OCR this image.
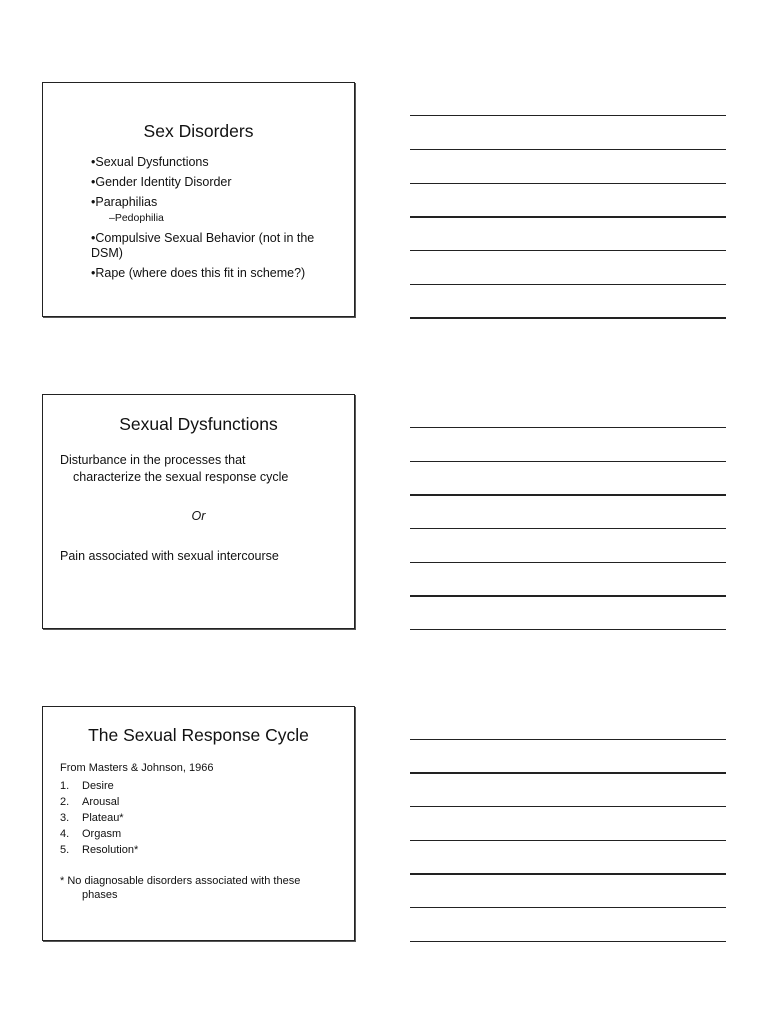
Sex Disorders
•Sexual Dysfunctions
•Gender Identity Disorder
•Paraphilias
–Pedophilia
•Compulsive Sexual Behavior (not in the DSM)
•Rape (where does this fit in scheme?)
Sexual Dysfunctions
Disturbance in the processes that
characterize the sexual response cycle
Or
Pain associated with sexual intercourse
The Sexual Response Cycle
From Masters & Johnson, 1966
1. Desire
2. Arousal
3. Plateau*
4. Orgasm
5. Resolution*
* No diagnosable disorders associated with these
phases
